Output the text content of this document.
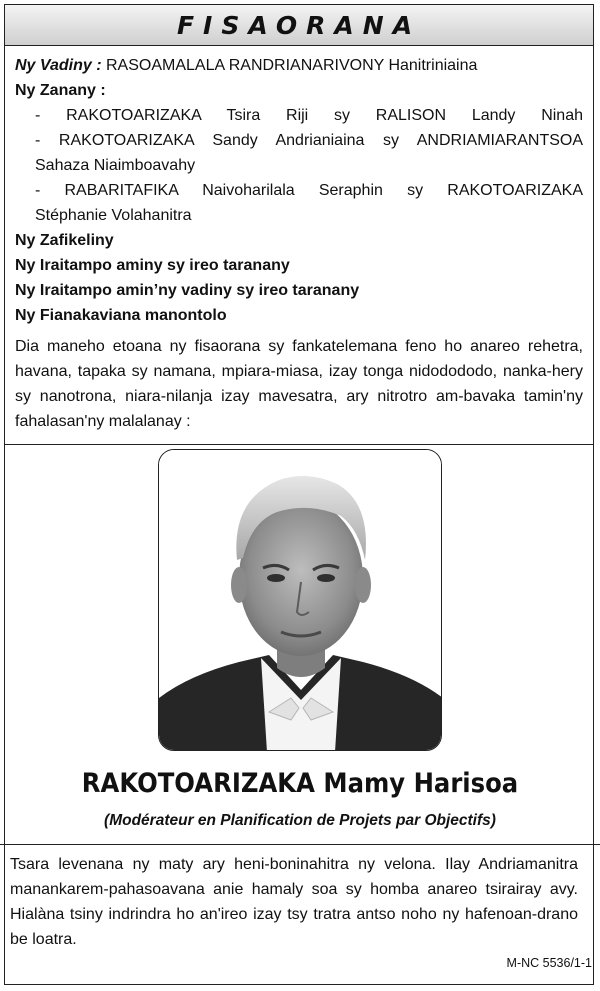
FISAORANA
Ny Vadiny : RASOAMALALA RANDRIANARIVONY Hanitriniaina
Ny Zanany :
- RAKOTOARIZAKA Tsira Riji sy RALISON Landy Ninah
- RAKOTOARIZAKA Sandy Andrianiaina sy ANDRIAMIARANTSOA
Sahaza Niaimboavahy
- RABARITAFIKA Naivoharilala Seraphin sy RAKOTOARIZAKA
Stéphanie Volahanitra
Ny Zafikeliny
Ny Iraitampo aminy sy ireo taranany
Ny Iraitampo amin’ny vadiny sy ireo taranany
Ny Fianakaviana manontolo
Dia maneho etoana ny fisaorana sy fankatelemana feno ho anareo rehetra, havana, tapaka sy namana, mpiara-miasa, izay tonga nidodododo, nanka-hery sy nanotrona, niara-nilanja izay mavesatra, ary nitrotro am-bavaka tamin'ny fahalasan'ny malalanay :
RAKOTOARIZAKA Mamy Harisoa
(Modérateur en Planification de Projets par Objectifs)
Tsara levenana ny maty ary heni-boninahitra ny velona. Ilay Andriamanitra manankarem-pahasoavana anie hamaly soa sy homba anareo tsirairay avy. Hialàna tsiny indrindra ho an'ireo izay tsy tratra antso noho ny hafenoan-drano be loatra.
M-NC 5536/1-1
